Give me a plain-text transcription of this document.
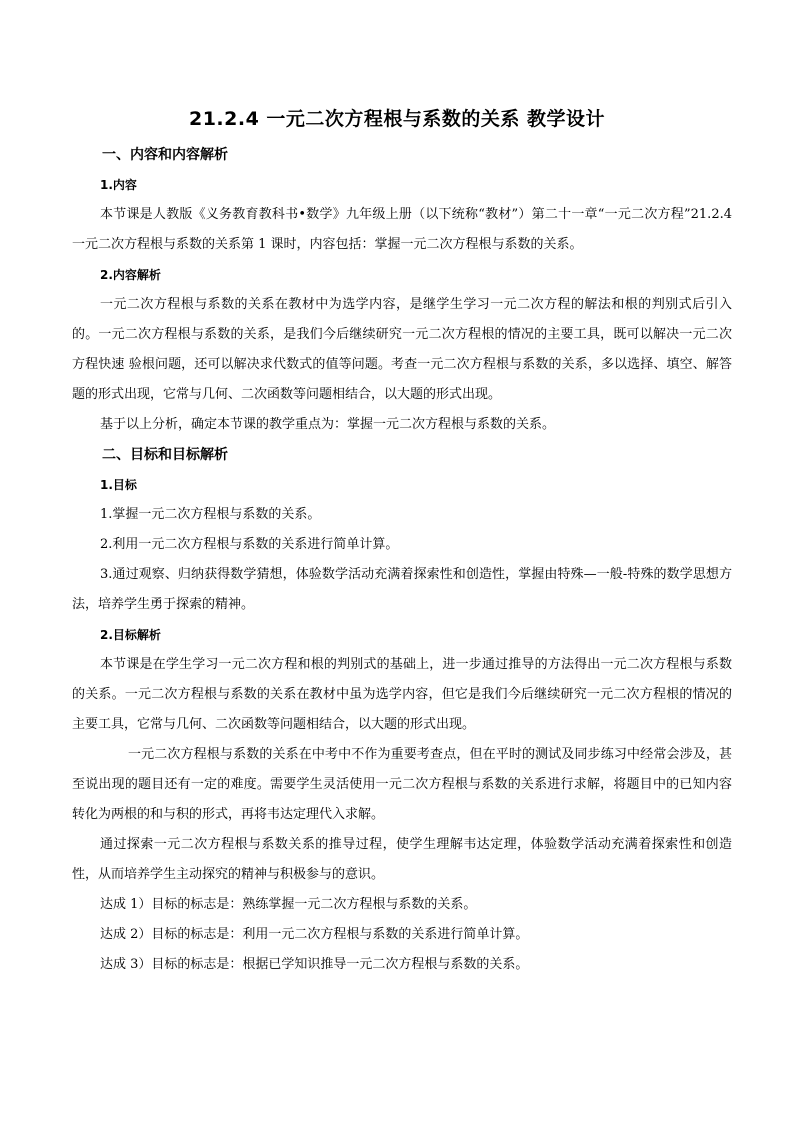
21.2.4 一元二次方程根与系数的关系 教学设计
一、内容和内容解析
1.内容

本节课是人教版《义务教育教科书•数学》九年级上册（以下统称“教材”）第二十一章“一元二次方程”21.2.4 一元二次方程根与系数的关系第 1 课时，内容包括：掌握一元二次方程根与系数的关系。

2.内容解析

一元二次方程根与系数的关系在教材中为选学内容，是继学生学习一元二次方程的解法和根的判别式后引入的。一元二次方程根与系数的关系，是我们今后继续研究一元二次方程根的情况的主要工具，既可以解决一元二次方程快速 验根问题，还可以解决求代数式的值等问题。考查一元二次方程根与系数的关系，多以选择、填空、解答题的形式出现，它常与几何、二次函数等问题相结合，以大题的形式出现。

基于以上分析，确定本节课的教学重点为：掌握一元二次方程根与系数的关系。

二、目标和目标解析
1.目标

1.掌握一元二次方程根与系数的关系。

2.利用一元二次方程根与系数的关系进行简单计算。

3.通过观察、归纳获得数学猜想，体验数学活动充满着探索性和创造性，掌握由特殊—一般-特殊的数学思想方法，培养学生勇于探索的精神。

2.目标解析

本节课是在学生学习一元二次方程和根的判别式的基础上，进一步通过推导的方法得出一元二次方程根与系数的关系。一元二次方程根与系数的关系在教材中虽为选学内容，但它是我们今后继续研究一元二次方程根的情况的主要工具，它常与几何、二次函数等问题相结合，以大题的形式出现。

一元二次方程根与系数的关系在中考中不作为重要考查点，但在平时的测试及同步练习中经常会涉及，甚至说出现的题目还有一定的难度。需要学生灵活使用一元二次方程根与系数的关系进行求解，将题目中的已知内容转化为两根的和与积的形式，再将韦达定理代入求解。

通过探索一元二次方程根与系数关系的推导过程，使学生理解韦达定理，体验数学活动充满着探索性和创造性，从而培养学生主动探究的精神与积极参与的意识。

达成 1）目标的标志是：熟练掌握一元二次方程根与系数的关系。

达成 2）目标的标志是：利用一元二次方程根与系数的关系进行简单计算。

达成 3）目标的标志是：根据已学知识推导一元二次方程根与系数的关系。
